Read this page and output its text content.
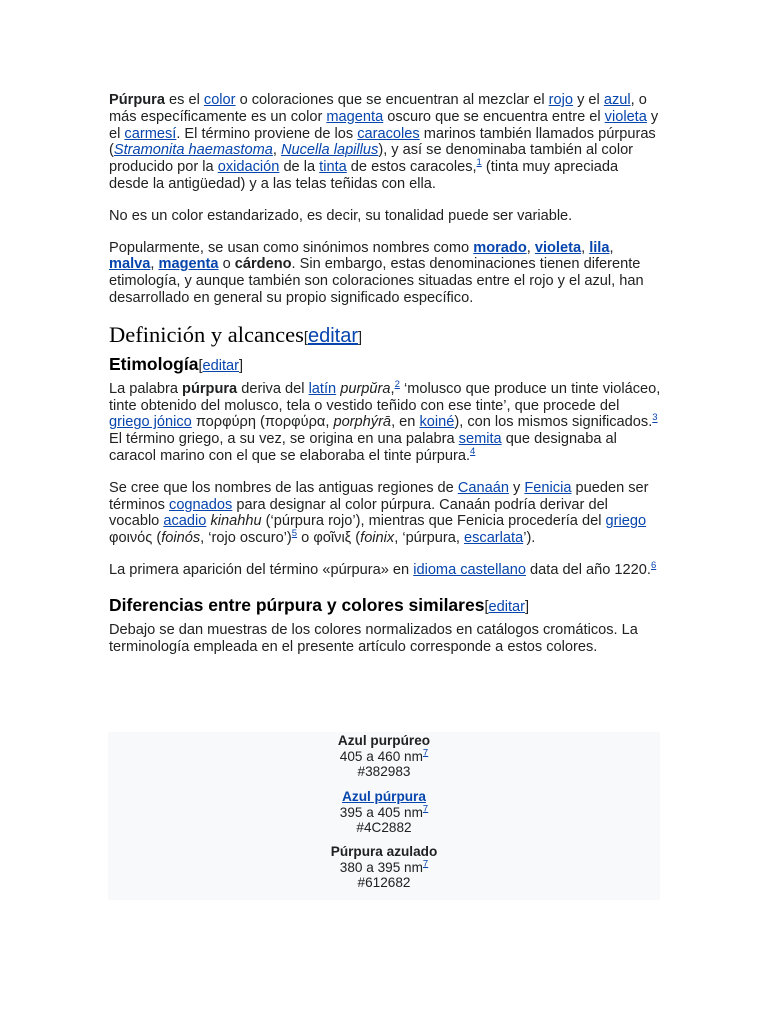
Púrpura es el color o coloraciones que se encuentran al mezclar el rojo y el azul, o más específicamente es un color magenta oscuro que se encuentra entre el violeta y el carmesí. El término proviene de los caracoles marinos también llamados púrpuras (Stramonita haemastoma, Nucella lapillus), y así se denominaba también al color producido por la oxidación de la tinta de estos caracoles,$^1$ (tinta muy apreciada desde la antigüedad) y a las telas teñidas con ella.

No es un color estandarizado, es decir, su tonalidad puede ser variable.

Popularmente, se usan como sinónimos nombres como morado, violeta, lila, malva, magenta o cárdeno. Sin embargo, estas denominaciones tienen diferente etimología, y aunque también son coloraciones situadas entre el rojo y el azul, han desarrollado en general su propio significado específico.

Definición y alcances[editar]
Etimología[editar]

La palabra púrpura deriva del latín purpŭra,$^2$ ‘molusco que produce un tinte violáceo, tinte obtenido del molusco, tela o vestido teñido con ese tinte’, que procede del griego jónico πορφύρη (πορφύρα, porphýrā, en koiné), con los mismos significados.$^3$ El término griego, a su vez, se origina en una palabra semita que designaba al caracol marino con el que se elaboraba el tinte púrpura.$^4$

Se cree que los nombres de las antiguas regiones de Canaán y Fenicia pueden ser términos cognados para designar al color púrpura. Canaán podría derivar del vocablo acadio kinahhu (‘púrpura rojo’), mientras que Fenicia procedería del griego φοινός (foinós, ‘rojo oscuro’)$^5$ o φοῖνιξ (foinix, ‘púrpura, escarlata’).

La primera aparición del término «púrpura» en idioma castellano data del año 1220.$^6$

Diferencias entre púrpura y colores similares[editar]

Debajo se dan muestras de los colores normalizados en catálogos cromáticos. La terminología empleada en el presente artículo corresponde a estos colores.

Azul purpúreo
405 a 460 $nm^7$
#382983
Azul púrpura
395 a 405 $nm^7$
#4C2882
Púrpura azulado
380 a 395 $nm^7$
#612682
